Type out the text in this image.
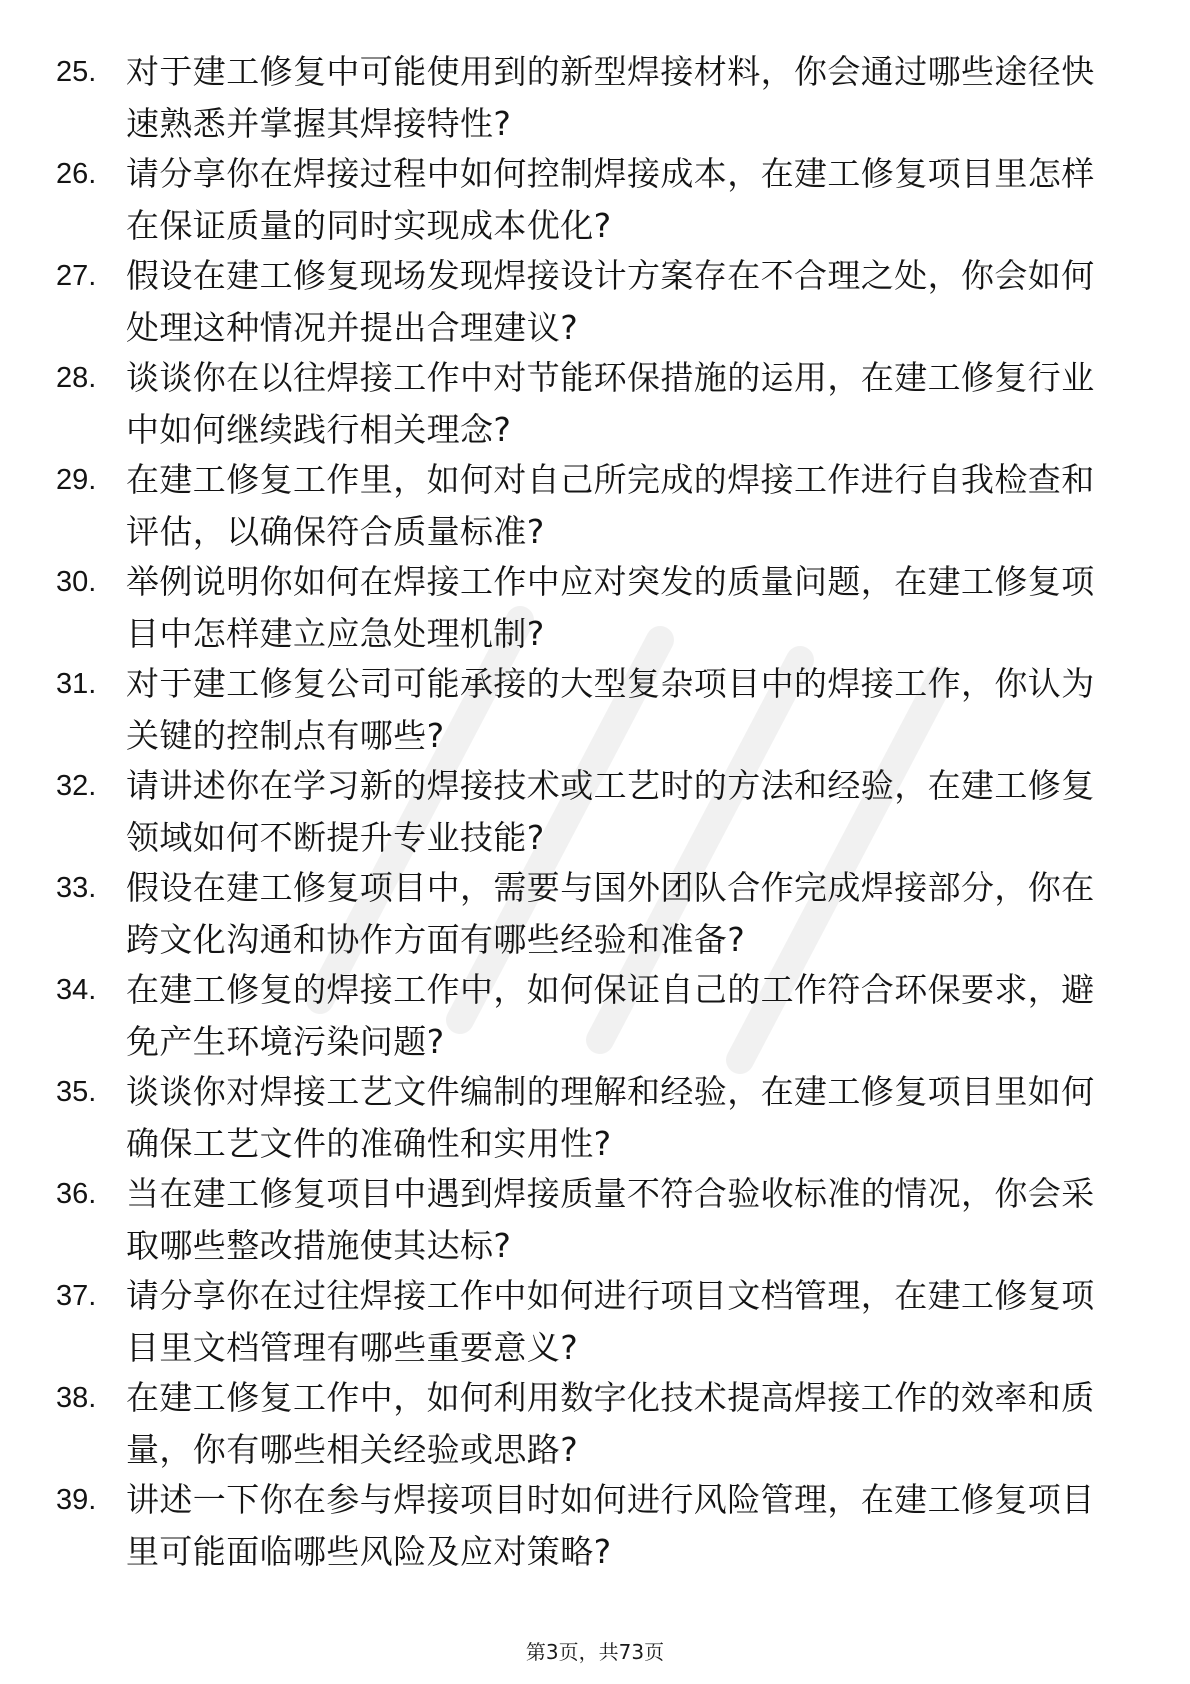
25. 对于建工修复中可能使用到的新型焊接材料，你会通过哪些途径快速熟悉并掌握其焊接特性?
26. 请分享你在焊接过程中如何控制焊接成本，在建工修复项目里怎样在保证质量的同时实现成本优化?
27. 假设在建工修复现场发现焊接设计方案存在不合理之处，你会如何处理这种情况并提出合理建议?
28. 谈谈你在以往焊接工作中对节能环保措施的运用，在建工修复行业中如何继续践行相关理念?
29. 在建工修复工作里，如何对自己所完成的焊接工作进行自我检查和评估，以确保符合质量标准?
30. 举例说明你如何在焊接工作中应对突发的质量问题，在建工修复项目中怎样建立应急处理机制?
31. 对于建工修复公司可能承接的大型复杂项目中的焊接工作，你认为关键的控制点有哪些?
32. 请讲述你在学习新的焊接技术或工艺时的方法和经验，在建工修复领域如何不断提升专业技能?
33. 假设在建工修复项目中，需要与国外团队合作完成焊接部分，你在跨文化沟通和协作方面有哪些经验和准备?
34. 在建工修复的焊接工作中，如何保证自己的工作符合环保要求，避免产生环境污染问题?
35. 谈谈你对焊接工艺文件编制的理解和经验，在建工修复项目里如何确保工艺文件的准确性和实用性?
36. 当在建工修复项目中遇到焊接质量不符合验收标准的情况，你会采取哪些整改措施使其达标?
37. 请分享你在过往焊接工作中如何进行项目文档管理，在建工修复项目里文档管理有哪些重要意义?
38. 在建工修复工作中，如何利用数字化技术提高焊接工作的效率和质量，你有哪些相关经验或思路?
39. 讲述一下你在参与焊接项目时如何进行风险管理，在建工修复项目里可能面临哪些风险及应对策略?
第3页，共73页
